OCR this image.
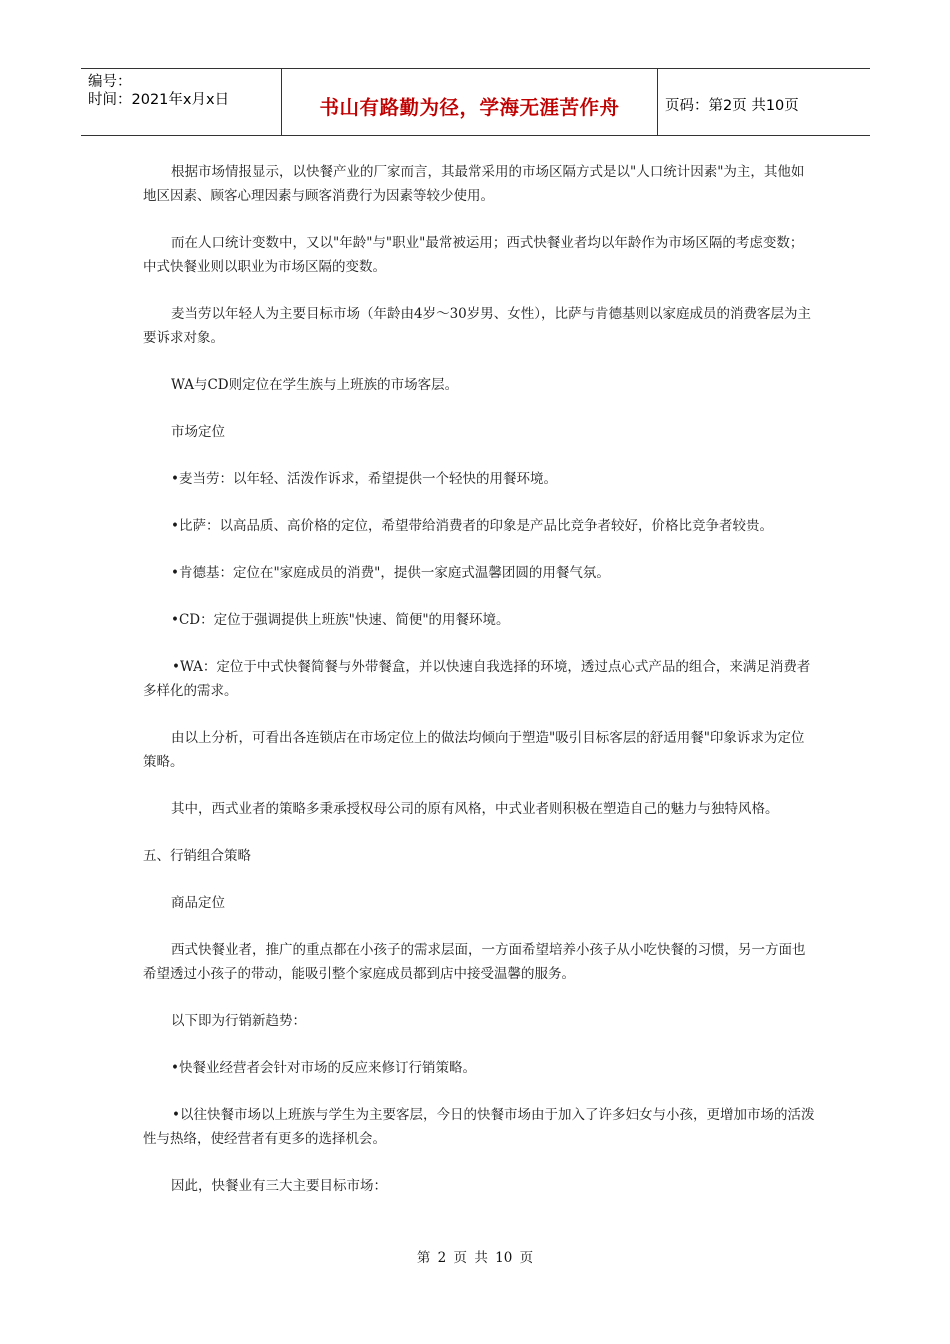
编号：
时间：2021年x月x日	书山有路勤为径，学海无涯苦作舟	页码：第2页 共10页

根据市场情报显示，以快餐产业的厂家而言，其最常采用的市场区隔方式是以"人口统计因素"为主，其他如地区因素、顾客心理因素与顾客消费行为因素等较少使用。

而在人口统计变数中，又以"年龄"与"职业"最常被运用；西式快餐业者均以年龄作为市场区隔的考虑变数；中式快餐业则以职业为市场区隔的变数。

麦当劳以年轻人为主要目标市场（年龄由4岁～30岁男、女性），比萨与肯德基则以家庭成员的消费客层为主要诉求对象。

WA与CD则定位在学生族与上班族的市场客层。

市场定位

•麦当劳：以年轻、活泼作诉求，希望提供一个轻快的用餐环境。

•比萨：以高品质、高价格的定位，希望带给消费者的印象是产品比竞争者较好，价格比竞争者较贵。

•肯德基：定位在"家庭成员的消费"，提供一家庭式温馨团圆的用餐气氛。

•CD：定位于强调提供上班族"快速、简便"的用餐环境。

•WA：定位于中式快餐简餐与外带餐盒，并以快速自我选择的环境，透过点心式产品的组合，来满足消费者多样化的需求。

由以上分析，可看出各连锁店在市场定位上的做法均倾向于塑造"吸引目标客层的舒适用餐"印象诉求为定位策略。

其中，西式业者的策略多秉承授权母公司的原有风格，中式业者则积极在塑造自己的魅力与独特风格。

五、行销组合策略

商品定位

西式快餐业者，推广的重点都在小孩子的需求层面，一方面希望培养小孩子从小吃快餐的习惯，另一方面也希望透过小孩子的带动，能吸引整个家庭成员都到店中接受温馨的服务。

以下即为行销新趋势：

•快餐业经营者会针对市场的反应来修订行销策略。

•以往快餐市场以上班族与学生为主要客层，今日的快餐市场由于加入了许多妇女与小孩，更增加市场的活泼性与热络，使经营者有更多的选择机会。

因此，快餐业有三大主要目标市场：

第 2 页 共 10 页
